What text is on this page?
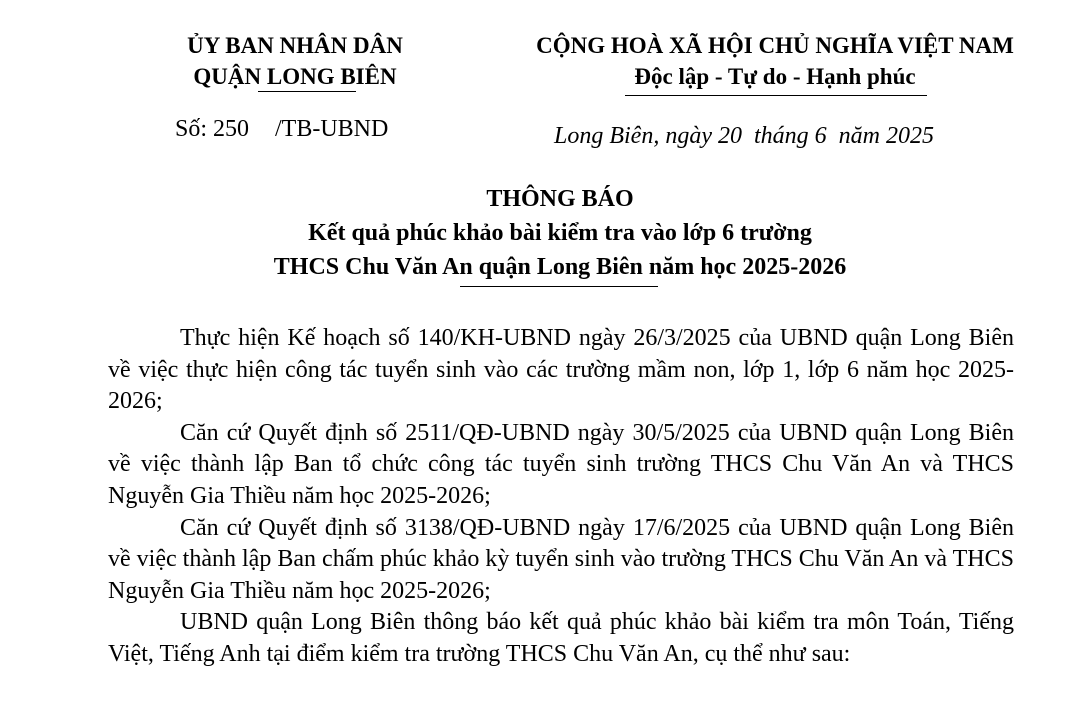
ỦY BAN NHÂN DÂN
QUẬN LONG BIÊN
CỘNG HOÀ XÃ HỘI CHỦ NGHĨA VIỆT NAM
Độc lập - Tự do - Hạnh phúc
Số: 250 /TB-UBND	Long Biên, ngày 20  tháng 6  năm 2025
THÔNG BÁO
Kết quả phúc khảo bài kiểm tra vào lớp 6 trường
THCS Chu Văn An quận Long Biên năm học 2025-2026

Thực hiện Kế hoạch số 140/KH-UBND ngày 26/3/2025 của UBND quận Long Biên về việc thực hiện công tác tuyển sinh vào các trường mầm non, lớp 1, lớp 6 năm học 2025-2026;

Căn cứ Quyết định số 2511/QĐ-UBND ngày 30/5/2025 của UBND quận Long Biên về việc thành lập Ban tổ chức công tác tuyển sinh trường THCS Chu Văn An và THCS Nguyễn Gia Thiều năm học 2025-2026;

Căn cứ Quyết định số 3138/QĐ-UBND ngày 17/6/2025 của UBND quận Long Biên về việc thành lập Ban chấm phúc khảo kỳ tuyển sinh vào trường THCS Chu Văn An và THCS Nguyễn Gia Thiều năm học 2025-2026;

UBND quận Long Biên thông báo kết quả phúc khảo bài kiểm tra môn Toán, Tiếng Việt, Tiếng Anh tại điểm kiểm tra trường THCS Chu Văn An, cụ thể như sau:
